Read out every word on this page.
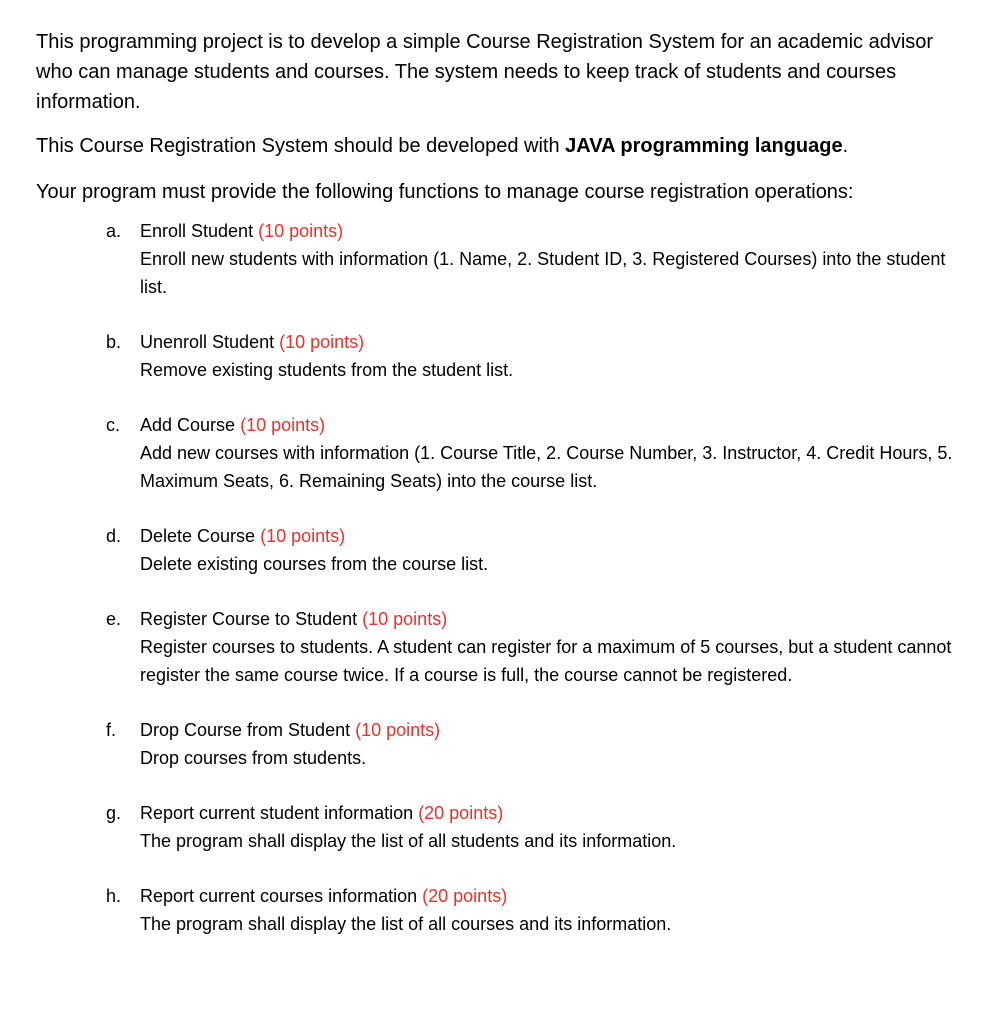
This programming project is to develop a simple Course Registration System for an academic advisor who can manage students and courses. The system needs to keep track of students and courses information.

This Course Registration System should be developed with JAVA programming language.

Your program must provide the following functions to manage course registration operations:

a. Enroll Student (10 points)
Enroll new students with information (1. Name, 2. Student ID, 3. Registered Courses) into the student list.
b. Unenroll Student (10 points)
Remove existing students from the student list.
c. Add Course (10 points)
Add new courses with information (1. Course Title, 2. Course Number, 3. Instructor, 4. Credit Hours, 5. Maximum Seats, 6. Remaining Seats) into the course list.
d. Delete Course (10 points)
Delete existing courses from the course list.
e. Register Course to Student (10 points)
Register courses to students. A student can register for a maximum of 5 courses, but a student cannot register the same course twice. If a course is full, the course cannot be registered.
f. Drop Course from Student (10 points)
Drop courses from students.
g. Report current student information (20 points)
The program shall display the list of all students and its information.
h. Report current courses information (20 points)
The program shall display the list of all courses and its information.
